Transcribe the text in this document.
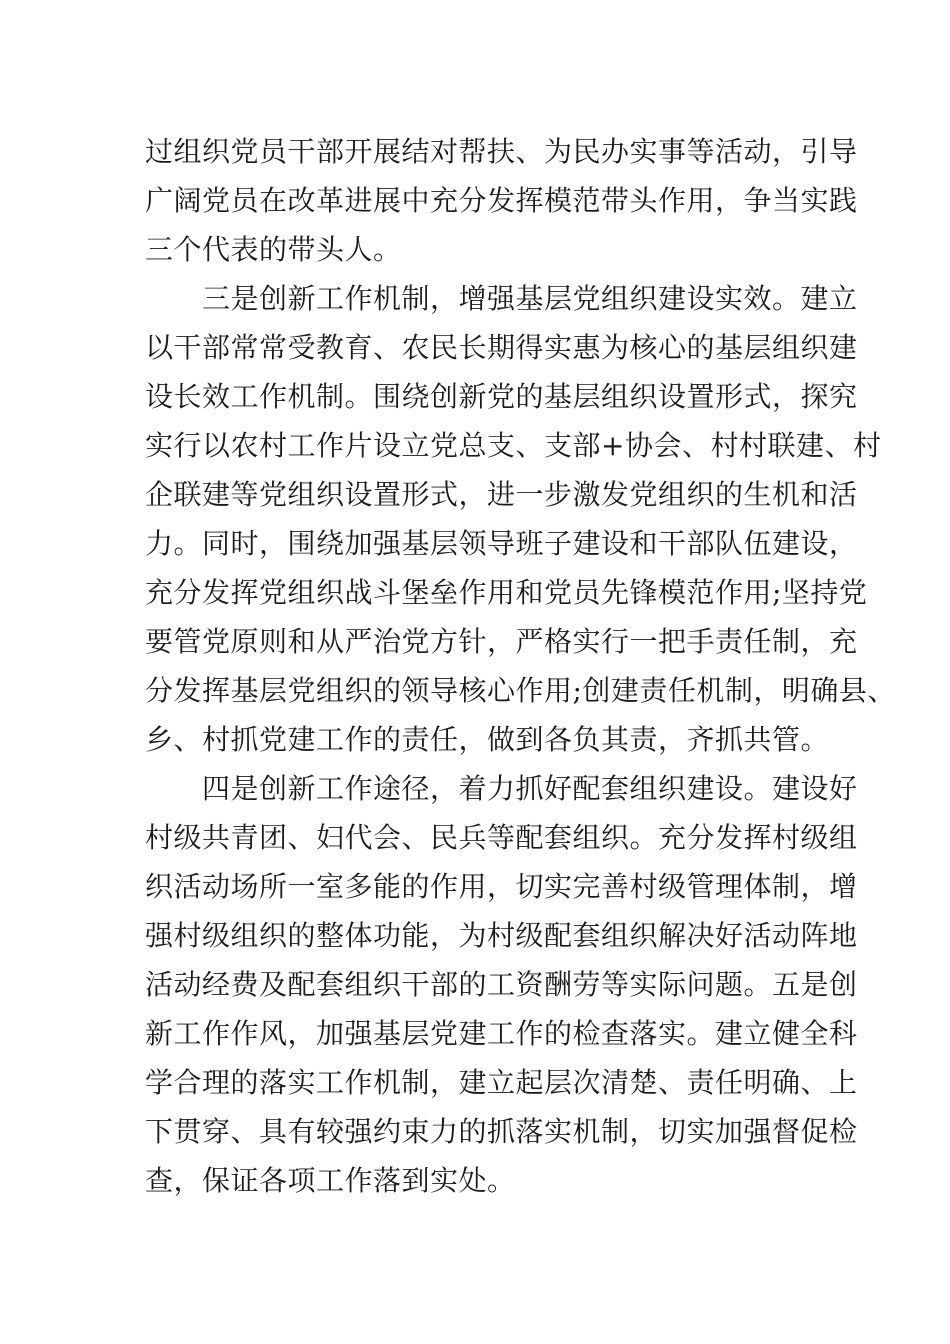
过组织党员干部开展结对帮扶、为民办实事等活动，引导
广阔党员在改革进展中充分发挥模范带头作用，争当实践
三个代表的带头人。
三是创新工作机制，增强基层党组织建设实效。建立
以干部常常受教育、农民长期得实惠为核心的基层组织建
设长效工作机制。围绕创新党的基层组织设置形式，探究
实行以农村工作片设立党总支、支部+协会、村村联建、村
企联建等党组织设置形式，进一步激发党组织的生机和活
力。同时，围绕加强基层领导班子建设和干部队伍建设，
充分发挥党组织战斗堡垒作用和党员先锋模范作用;坚持党
要管党原则和从严治党方针，严格实行一把手责任制，充
分发挥基层党组织的领导核心作用;创建责任机制，明确县、
乡、村抓党建工作的责任，做到各负其责，齐抓共管。
四是创新工作途径，着力抓好配套组织建设。建设好
村级共青团、妇代会、民兵等配套组织。充分发挥村级组
织活动场所一室多能的作用，切实完善村级管理体制，增
强村级组织的整体功能，为村级配套组织解决好活动阵地
活动经费及配套组织干部的工资酬劳等实际问题。五是创
新工作作风，加强基层党建工作的检查落实。建立健全科
学合理的落实工作机制，建立起层次清楚、责任明确、上
下贯穿、具有较强约束力的抓落实机制，切实加强督促检
查，保证各项工作落到实处。
